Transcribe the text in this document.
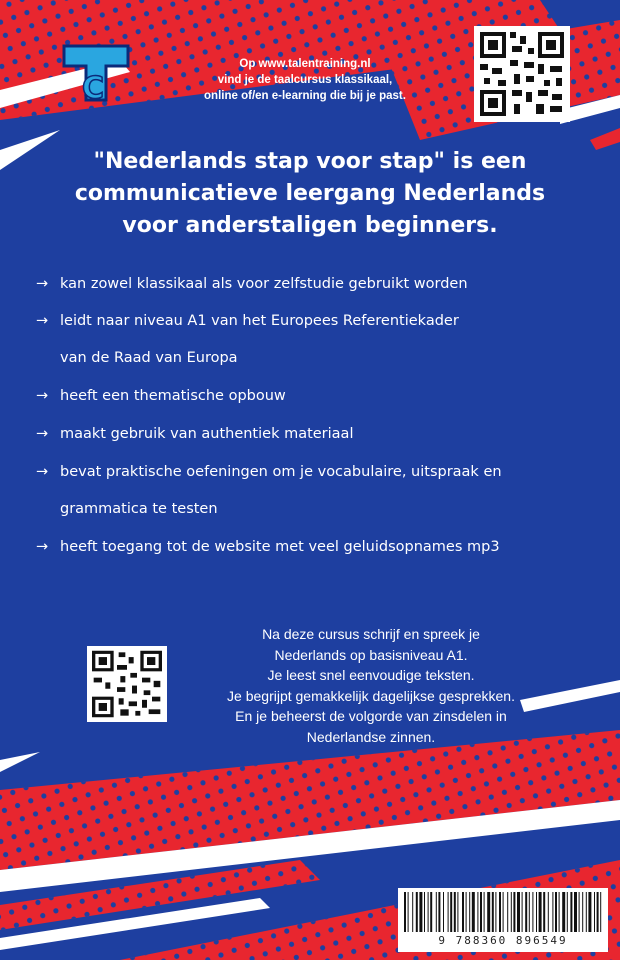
C
Op www.talentraining.nl
vind je de taalcursus klassikaal,
online of/en e-learning die bij je past.
"Nederlands stap voor stap" is een
communicatieve leergang Nederlands
voor anderstaligen beginners.
→ kan zowel klassikaal als voor zelfstudie gebruikt worden
→ leidt naar niveau A1 van het Europees Referentiekader
van de Raad van Europa
→ heeft een thematische opbouw
→ maakt gebruik van authentiek materiaal
→ bevat praktische oefeningen om je vocabulaire, uitspraak en
grammatica te testen
→ heeft toegang tot de website met veel geluidsopnames mp3
Na deze cursus schrijf en spreek je
Nederlands op basisniveau A1.
Je leest snel eenvoudige teksten.
Je begrijpt gemakkelijk dagelijkse gesprekken.
En je beheerst de volgorde van zinsdelen in
Nederlandse zinnen.
9 788360 896549
